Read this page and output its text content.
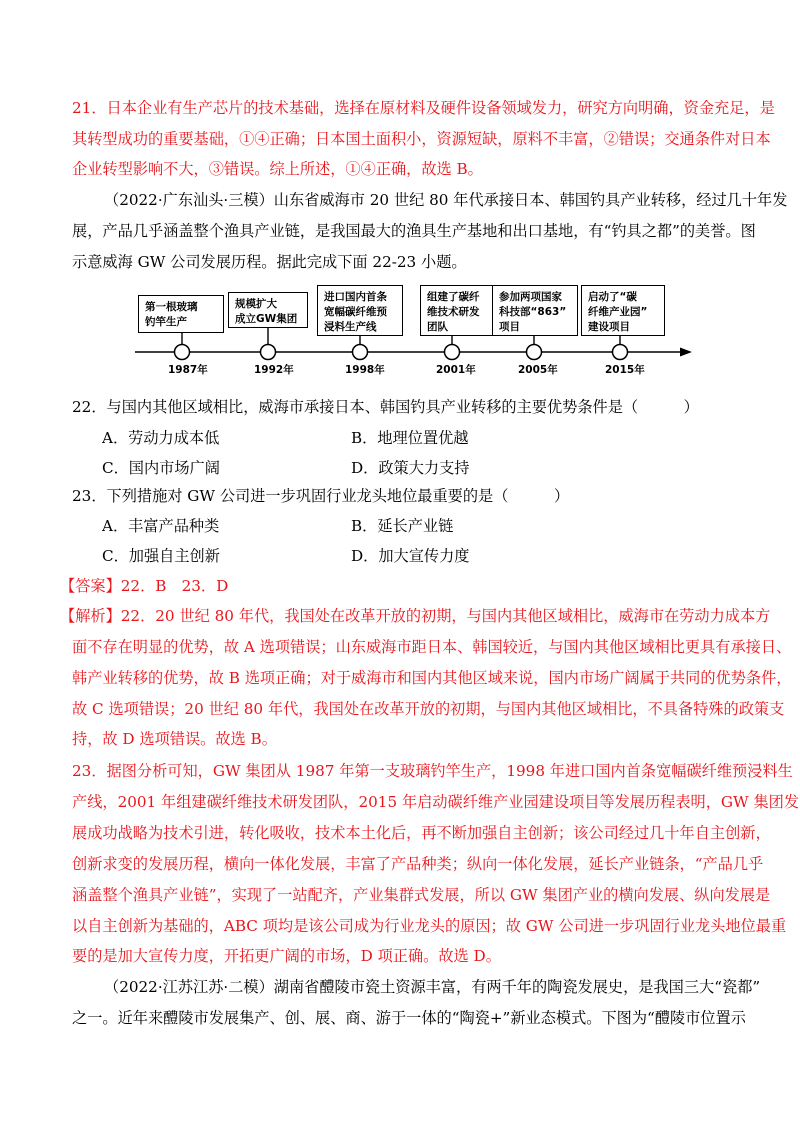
21．日本企业有生产芯片的技术基础，选择在原材料及硬件设备领域发力，研究方向明确，资金充足，是
其转型成功的重要基础，①④正确；日本国土面积小，资源短缺，原料不丰富，②错误；交通条件对日本
企业转型影响不大，③错误。综上所述，①④正确，故选 B。
（2022·广东汕头·三模）山东省威海市 20 世纪 80 年代承接日本、韩国钓具产业转移，经过几十年发
展，产品几乎涵盖整个渔具产业链，是我国最大的渔具生产基地和出口基地，有“钓具之都”的美誉。图
示意威海 GW 公司发展历程。据此完成下面 22-23 小题。
第一根玻璃
钓竿生产
规模扩大
成立GW集团
进口国内首条
宽幅碳纤维预
浸料生产线
组建了碳纤
维技术研发
团队
参加两项国家
科技部“863”
项目
启动了“碳
纤维产业园”
建设项目
1987年	1992年	1998年	2001年	2005年	2015年
22．与国内其他区域相比，威海市承接日本、韩国钓具产业转移的主要优势条件是（　　　）
A．劳动力成本低	B．地理位置优越
C．国内市场广阔	D．政策大力支持
23．下列措施对 GW 公司进一步巩固行业龙头地位最重要的是（　　　）
A．丰富产品种类	B．延长产业链
C．加强自主创新	D．加大宣传力度
【答案】22．B　23．D
【解析】22．20 世纪 80 年代，我国处在改革开放的初期，与国内其他区域相比，威海市在劳动力成本方
面不存在明显的优势，故 A 选项错误；山东威海市距日本、韩国较近，与国内其他区域相比更具有承接日、
韩产业转移的优势，故 B 选项正确；对于威海市和国内其他区域来说，国内市场广阔属于共同的优势条件，
故 C 选项错误；20 世纪 80 年代，我国处在改革开放的初期，与国内其他区域相比，不具备特殊的政策支
持，故 D 选项错误。故选 B。
23．据图分析可知，GW 集团从 1987 年第一支玻璃钓竿生产，1998 年进口国内首条宽幅碳纤维预浸料生
产线，2001 年组建碳纤维技术研发团队，2015 年启动碳纤维产业园建设项目等发展历程表明，GW 集团发
展成功战略为技术引进，转化吸收，技术本土化后，再不断加强自主创新；该公司经过几十年自主创新，
创新求变的发展历程，横向一体化发展，丰富了产品种类；纵向一体化发展，延长产业链条，“产品几乎
涵盖整个渔具产业链”，实现了一站配齐，产业集群式发展，所以 GW 集团产业的横向发展、纵向发展是
以自主创新为基础的，ABC 项均是该公司成为行业龙头的原因；故 GW 公司进一步巩固行业龙头地位最重
要的是加大宣传力度，开拓更广阔的市场，D 项正确。故选 D。
（2022·江苏江苏·二模）湖南省醴陵市瓷土资源丰富，有两千年的陶瓷发展史，是我国三大“瓷都”
之一。近年来醴陵市发展集产、创、展、商、游于一体的“陶瓷+”新业态模式。下图为“醴陵市位置示
